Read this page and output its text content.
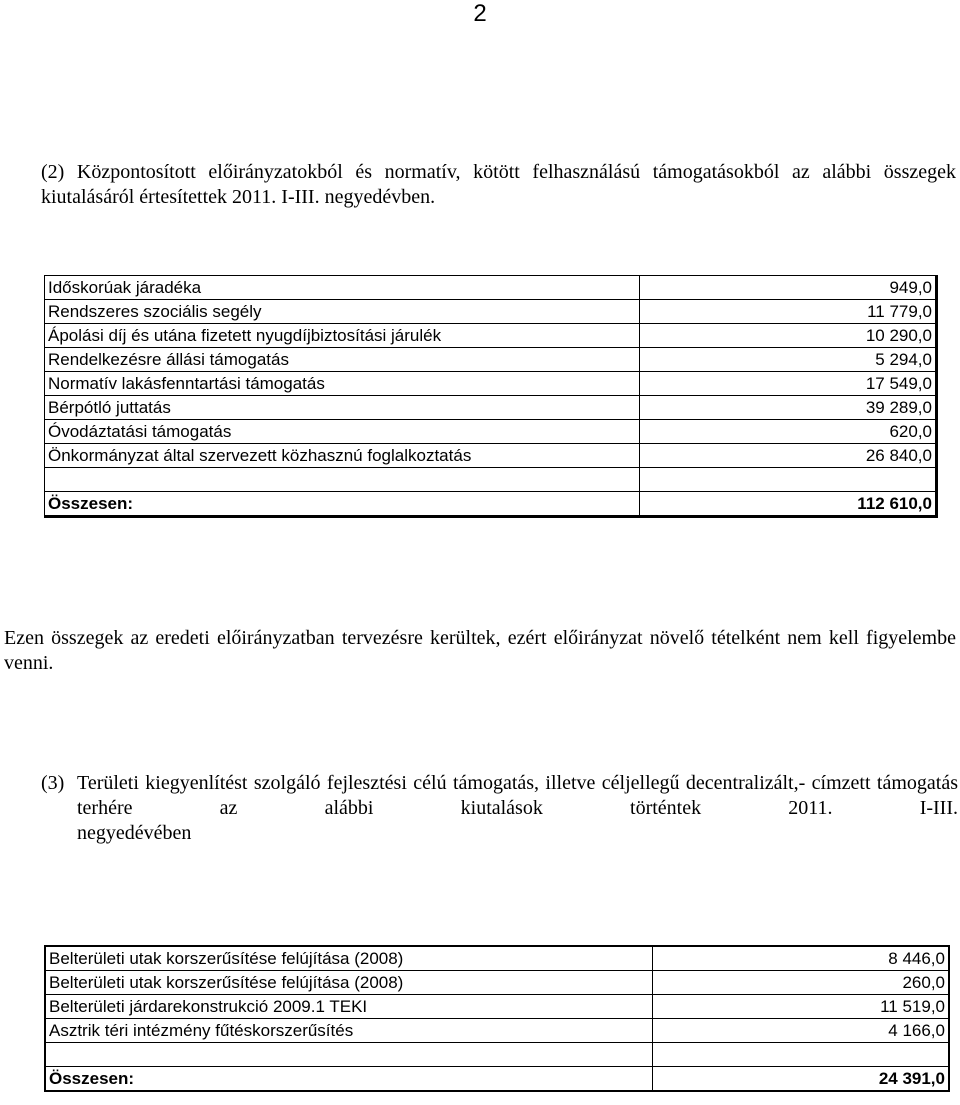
2
(2) Központosított előirányzatokból és normatív, kötött felhasználású támogatásokból az alábbi összegek kiutalásáról értesítettek 2011. I-III. negyedévben.
Időskorúak járadéka	949,0
Rendszeres szociális segély	11 779,0
Ápolási díj és utána fizetett nyugdíjbiztosítási járulék	10 290,0
Rendelkezésre állási támogatás	5 294,0
Normatív lakásfenntartási támogatás	17 549,0
Bérpótló juttatás	39 289,0
Óvodáztatási támogatás	620,0
Önkormányzat által szervezett közhasznú foglalkoztatás	26 840,0

Összesen:	112 610,0
Ezen összegek az eredeti előirányzatban tervezésre kerültek, ezért előirányzat növelő tételként nem kell figyelembe venni.
(3) Területi kiegyenlítést szolgáló fejlesztési célú támogatás, illetve céljellegű decentralizált,- címzett támogatás terhére az alábbi kiutalások történtek 2011. I-III.
negyedévében
Belterületi utak korszerűsítése felújítása (2008)	8 446,0
Belterületi utak korszerűsítése felújítása (2008)	260,0
Belterületi járdarekonstrukció 2009.1 TEKI	11 519,0
Asztrik téri intézmény fűtéskorszerűsítés	4 166,0

Összesen:	24 391,0
